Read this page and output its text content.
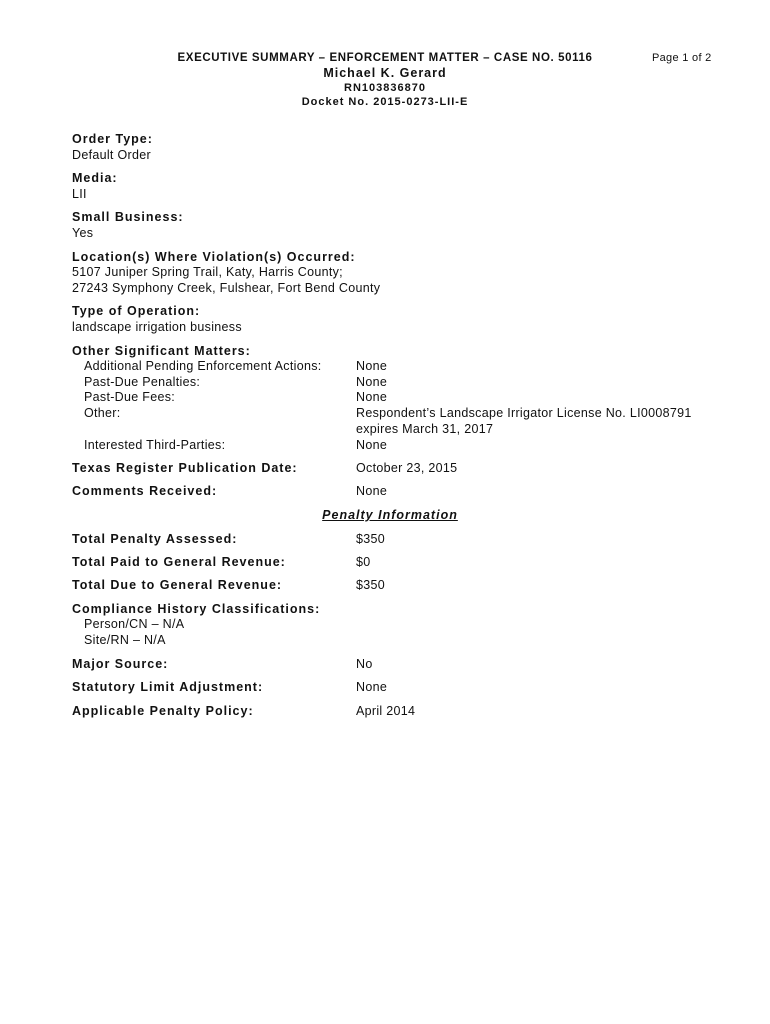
EXECUTIVE SUMMARY – ENFORCEMENT MATTER – CASE NO. 50116	Page 1 of 2
Michael K. Gerard
RN103836870
Docket No. 2015-0273-LII-E
Order Type:
Default Order
Media:
LII
Small Business:
Yes
Location(s) Where Violation(s) Occurred:
5107 Juniper Spring Trail, Katy, Harris County;
27243 Symphony Creek, Fulshear, Fort Bend County
Type of Operation:
landscape irrigation business
Other Significant Matters:
Additional Pending Enforcement Actions:	None
Past-Due Penalties:	None
Past-Due Fees:	None
Other:	Respondent’s Landscape Irrigator License No. LI0008791
expires March 31, 2017
Interested Third-Parties:	None
Texas Register Publication Date:	October 23, 2015
Comments Received:	None
Penalty Information
Total Penalty Assessed:	$350
Total Paid to General Revenue:	$0
Total Due to General Revenue:	$350
Compliance History Classifications:
Person/CN – N/A
Site/RN – N/A
Major Source:	No
Statutory Limit Adjustment:	None
Applicable Penalty Policy:	April 2014
